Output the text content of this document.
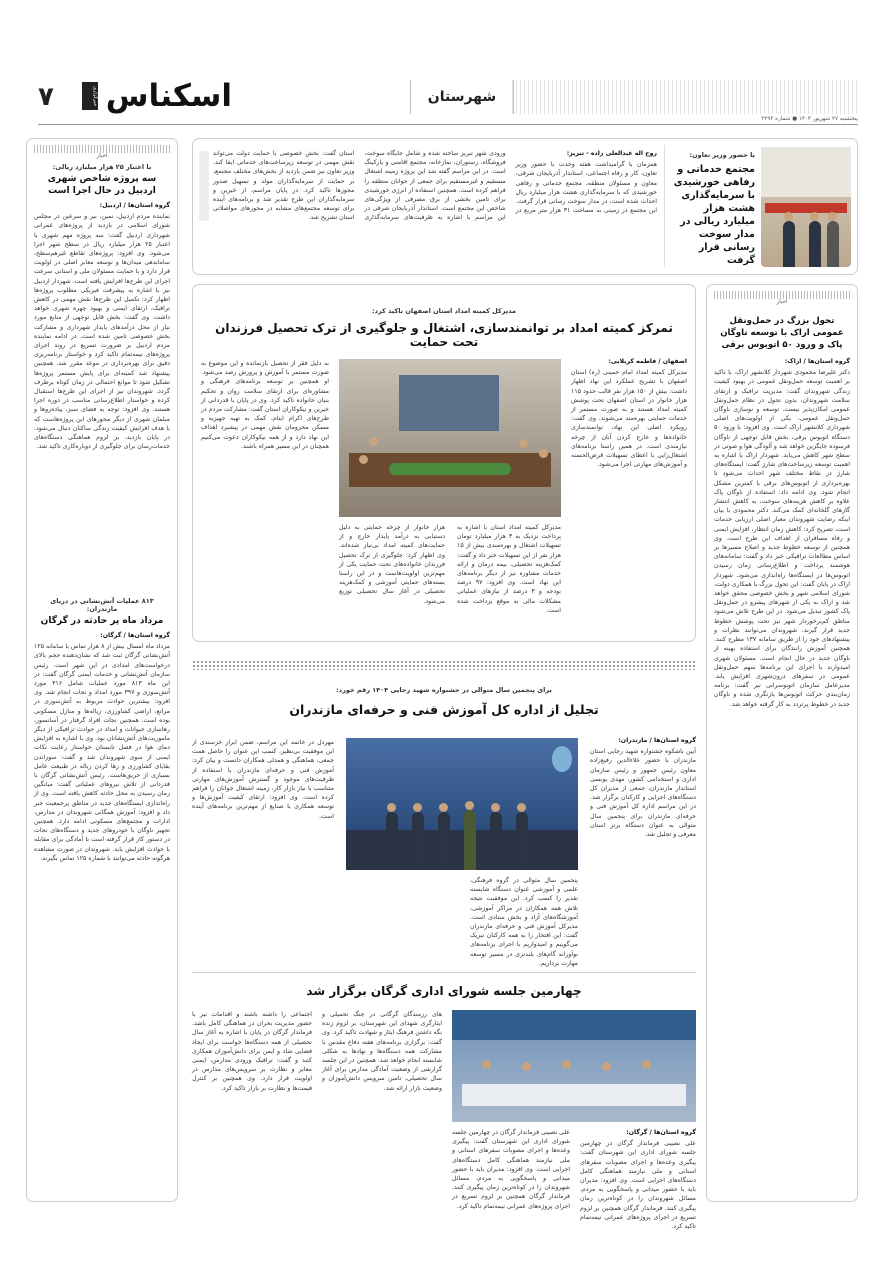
۷ اسکناس
خبرگزاری	شهرستان
پنجشنبه ۲۷ شهریور ۱۴۰۴ ● شماره ۲۲۹۳
اخبار
با اعتبار ۲۵ هزار میلیارد ریالی:
سه پروژه شاخص شهری اردبیل در حال اجرا است

گروه استان‌ها / اردبیل:

نماینده مردم اردبیل، نمین، نیر و سرعین در مجلس شورای اسلامی در بازدید از پروژه‌های عمرانی شهرداری اردبیل گفت: سه پروژه مهم شهری با اعتبار ۲۵ هزار میلیارد ریال در سطح شهر اجرا می‌شود. وی افزود: پروژه‌های تقاطع غیرهم‌سطح، ساماندهی میدان‌ها و توسعه معابر اصلی در اولویت قرار دارد و با حمایت مسئولان ملی و استانی سرعت اجرای این طرح‌ها افزایش یافته است. شهردار اردبیل نیز با اشاره به پیشرفت فیزیکی مطلوب پروژه‌ها اظهار کرد: تکمیل این طرح‌ها نقش مهمی در کاهش ترافیک، ارتقای ایمنی و بهبود چهره شهری خواهد داشت. وی گفت: بخش قابل توجهی از منابع مورد نیاز از محل درآمدهای پایدار شهرداری و مشارکت بخش خصوصی تامین شده است. در ادامه نماینده مردم اردبیل بر ضرورت تسریع در روند اجرای پروژه‌های نیمه‌تمام تاکید کرد و خواستار برنامه‌ریزی دقیق برای بهره‌برداری در موعد مقرر شد. همچنین پیشنهاد شد کمیته‌ای برای پایش مستمر پروژه‌ها تشکیل شود تا موانع احتمالی در زمان کوتاه برطرف گردد. شهروندان نیز از اجرای این طرح‌ها استقبال کرده و خواستار اطلاع‌رسانی مناسب در دوره اجرا هستند. وی افزود: توجه به فضای سبز، پیاده‌روها و مبلمان شهری از دیگر محورهای این پروژه‌هاست که با هدف افزایش کیفیت زندگی ساکنان دنبال می‌شود. در پایان بازدید، بر لزوم هماهنگی دستگاه‌های خدمات‌رسان برای جلوگیری از دوباره‌کاری تاکید شد.

۸۱۳ عملیات آتش‌نشانی در دریای مازندران:
مرداد ماه پر حادثه در گرگان

گروه استان‌ها / گرگان:

مرداد ماه امسال بیش از ۸ هزار تماس با سامانه ۱۲۵ آتش‌نشانی گرگان ثبت شد که نشان‌دهنده حجم بالای درخواست‌های امدادی در این شهر است. رئیس سازمان آتش‌نشانی و خدمات ایمنی گرگان گفت: در این ماه ۸۱۳ مورد عملیات شامل ۴۱۶ مورد آتش‌سوزی و ۳۹۷ مورد امداد و نجات انجام شد. وی افزود: بیشترین حوادث مربوط به آتش‌سوزی در مراتع، اراضی کشاورزی، زباله‌ها و منازل مسکونی بوده است. همچنین نجات افراد گرفتار در آسانسور، رهاسازی حیوانات و امداد در حوادث ترافیکی از دیگر ماموریت‌های آتش‌نشانان بود. وی با اشاره به افزایش دمای هوا در فصل تابستان خواستار رعایت نکات ایمنی از سوی شهروندان شد و گفت: سوزاندن بقایای کشاورزی و رها کردن زباله در طبیعت عامل بسیاری از حریق‌هاست. رئیس آتش‌نشانی گرگان با قدردانی از تلاش نیروهای عملیاتی گفت: میانگین زمان رسیدن به محل حادثه کاهش یافته است. وی از راه‌اندازی ایستگاه‌های جدید در مناطق پرجمعیت خبر داد و افزود: آموزش همگانی شهروندان در مدارس، ادارات و مجتمع‌های مسکونی ادامه دارد. همچنین تجهیز ناوگان با خودروهای جدید و دستگاه‌های نجات در دستور کار قرار گرفته است تا آمادگی برای مقابله با حوادث افزایش یابد. شهروندان در صورت مشاهده هرگونه حادثه می‌توانند با شماره ۱۲۵ تماس بگیرند.

با حضور وزیر تعاون:
مجتمع خدماتی و رفاهی خورشیدی با سرمایه‌گذاری هشت هزار میلیارد ریالی در مدار سوخت رسانی قرار گرفت

روح اله عبدالعلی زاده - تبریز:

همزمان با گرامیداشت هفته وحدت با حضور وزیر تعاون، کار و رفاه اجتماعی، استاندار آذربایجان شرقی، معاون و مسئولان منطقه، مجتمع خدماتی و رفاهی خورشیدی که با سرمایه‌گذاری هشت هزار میلیارد ریال احداث شده است، در مدار سوخت رسانی قرار گرفت. این مجتمع در زمینی به مساحت ۳۱ هزار متر مربع در ورودی شهر تبریز ساخته شده و شامل جایگاه سوخت، فروشگاه، رستوران، نمازخانه، مجتمع اقامتی و پارکینگ است. در این مراسم گفته شد این پروژه زمینه اشتغال مستقیم و غیرمستقیم برای جمعی از جوانان منطقه را فراهم کرده است. همچنین استفاده از انرژی خورشیدی برای تامین بخشی از برق مصرفی از ویژگی‌های شاخص این مجتمع است. استاندار آذربایجان شرقی در این مراسم با اشاره به ظرفیت‌های سرمایه‌گذاری استان گفت: بخش خصوصی با حمایت دولت می‌تواند نقش مهمی در توسعه زیرساخت‌های خدماتی ایفا کند. وزیر تعاون نیز ضمن بازدید از بخش‌های مختلف مجتمع، بر حمایت از سرمایه‌گذاران مولد و تسهیل صدور مجوزها تاکید کرد. در پایان مراسم، از خیرین و سرمایه‌گذاران این طرح تقدیر شد و برنامه‌های آینده برای توسعه مجتمع‌های مشابه در محورهای مواصلاتی استان تشریح شد.

اخبار
تحول بزرگ در حمل‌ونقل عمومی اراک با توسعه ناوگان پاک و ورود ۵۰ اتوبوس برقی

گروه استان‌ها / اراک:

دکتر علیرضا محمودی شهردار کلانشهر اراک، با تاکید بر اهمیت توسعه حمل‌ونقل عمومی در بهبود کیفیت زندگی شهروندان گفت: مدیریت ترافیک و ارتقای سلامت شهروندان، بدون تحول در نظام حمل‌ونقل عمومی امکان‌پذیر نیست. توسعه و نوسازی ناوگان حمل‌ونقل عمومی، یکی از اولویت‌های اصلی شهرداری کلانشهر اراک است. وی افزود: با ورود ۵۰ دستگاه اتوبوس برقی، بخش قابل توجهی از ناوگان فرسوده جایگزین خواهد شد و آلودگی هوا و صوتی در سطح شهر کاهش می‌یابد. شهردار اراک با اشاره به اهمیت توسعه زیرساخت‌های شارژ گفت: ایستگاه‌های شارژ در نقاط مختلف شهر احداث می‌شود تا بهره‌برداری از اتوبوس‌های برقی با کمترین مشکل انجام شود. وی ادامه داد: استفاده از ناوگان پاک علاوه بر کاهش هزینه‌های سوخت، به کاهش انتشار گازهای گلخانه‌ای کمک می‌کند. دکتر محمودی با بیان اینکه رضایت شهروندان معیار اصلی ارزیابی خدمات است، تصریح کرد: کاهش زمان انتظار، افزایش ایمنی و رفاه مسافران از اهداف این طرح است. وی همچنین از توسعه خطوط جدید و اصلاح مسیرها بر اساس مطالعات ترافیکی خبر داد و گفت: سامانه‌های هوشمند پرداخت و اطلاع‌رسانی زمان رسیدن اتوبوس‌ها در ایستگاه‌ها راه‌اندازی می‌شود. شهردار اراک در پایان گفت: این تحول بزرگ با همکاری دولت، شورای اسلامی شهر و بخش خصوصی محقق خواهد شد و اراک به یکی از شهرهای پیشرو در حمل‌ونقل پاک کشور تبدیل می‌شود. در این طرح تلاش می‌شود مناطق کم‌برخوردار شهر نیز تحت پوشش خطوط جدید قرار گیرند. شهروندان می‌توانند نظرات و پیشنهادهای خود را از طریق سامانه ۱۳۷ مطرح کنند. همچنین آموزش رانندگان برای استفاده بهینه از ناوگان جدید در حال انجام است. مسئولان شهری امیدوارند با اجرای این برنامه‌ها سهم حمل‌ونقل عمومی در سفرهای درون‌شهری افزایش یابد. مدیرعامل سازمان اتوبوسرانی نیز گفت: برنامه زمان‌بندی حرکت اتوبوس‌ها بازنگری شده و ناوگان جدید در خطوط پرتردد به کار گرفته خواهد شد.

مدیرکل کمیته امداد استان اصفهان تاکید کرد:
تمرکز کمیته امداد بر توانمندسازی، اشتغال و جلوگیری از ترک تحصیل فرزندان تحت حمایت

اصفهان / فاطمه کربلایی:

مدیرکل کمیته امداد امام خمینی (ره) استان اصفهان با تشریح عملکرد این نهاد اظهار داشت: بیش از ۱۵۰ هزار نفر قالب حدود ۱۱۵ هزار خانوار در استان اصفهان تحت پوشش کمیته امداد هستند و به صورت مستمر از خدمات حمایتی بهره‌مند می‌شوند. وی گفت: رویکرد اصلی این نهاد، توانمندسازی خانواده‌ها و خارج کردن آنان از چرخه نیازمندی است. در همین راستا برنامه‌های اشتغال‌زایی با اعطای تسهیلات قرض‌الحسنه و آموزش‌های مهارتی اجرا می‌شود.

مدیرکل کمیته امداد استان با اشاره به پرداخت نزدیک به ۳ هزار میلیارد تومان تسهیلات اشتغال و بهره‌مندی بیش از ۱۵ هزار نفر از این تسهیلات خبر داد و گفت: کمک‌هزینه تحصیلی، بیمه درمان و ارائه خدمات مشاوره نیز از دیگر برنامه‌های این نهاد است. وی افزود: ۹۷ درصد بودجه و ۳ درصد از نیازهای عملیاتی مشکلات مالی به موقع پرداخت شده است.

هزار خانوار از چرخه حمایتی به دلیل دستیابی به درآمد پایدار خارج و از حمایت‌های کمیته امداد بی‌نیاز شده‌اند. وی اظهار کرد: جلوگیری از ترک تحصیل فرزندان خانواده‌های تحت حمایت یکی از مهم‌ترین اولویت‌هاست و در این راستا بسته‌های حمایتی آموزشی و کمک‌هزینه تحصیلی در آغاز سال تحصیلی توزیع می‌شود.

به دلیل فقر از تحصیل بازنمانده و این موضوع به صورت مستمر با آموزش و پرورش رصد می‌شود. او همچنین بر توسعه برنامه‌های فرهنگی و مشاوره‌ای برای ارتقای سلامت روان و تحکیم بنیان خانواده تاکید کرد. وی در پایان با قدردانی از خیرین و نیکوکاران استان گفت: مشارکت مردم در طرح‌های اکرام ایتام، کمک به تهیه جهیزیه و مسکن محرومان نقش مهمی در پیشبرد اهداف این نهاد دارد و از همه نیکوکاران دعوت می‌کنیم همچنان در این مسیر همراه باشند.

برای پنجمین سال متوالی در جشنواره شهید رجایی ۱۴۰۴ رقم خورد:
تجلیل از اداره کل آموزش فنی و حرفه‌ای مازندران

گروه استان‌ها / مازندران:

آیین باشکوه جشنواره شهید رجایی استان مازندران با حضور علاءالدین رفیع‌زاده معاون رئیس جمهور و رئیس سازمان اداری و استخدامی کشور، مهدی یونسی استاندار مازندران، جمعی از مدیران کل دستگاه‌های اجرایی و کارکنان برگزار شد. در این مراسم اداره کل آموزش فنی و حرفه‌ای مازندران برای پنجمین سال متوالی به عنوان دستگاه برتر استان معرفی و تجلیل شد.

پنجمین سال متوالی در گروه فرهنگی، علمی و آموزشی عنوان دستگاه شایسته تقدیر را کسب کرد. این موفقیت نتیجه تلاش همه همکاران در مراکز آموزشی، آموزشگاه‌های آزاد و بخش ستادی است. مدیرکل آموزش فنی و حرفه‌ای مازندران گفت: این افتخار را به همه کارکنان تبریک می‌گوییم و امیدواریم با اجرای برنامه‌های نوآورانه گام‌های بلندتری در مسیر توسعه مهارت برداریم.

مهردل در خاتمه این مراسم، ضمن ابراز خرسندی از این موفقیت بی‌نظیر، کسب این عنوان را حاصل همت جمعی، هماهنگی و همدلی همکاران دانست و بیان کرد: آموزش فنی و حرفه‌ای مازندران با استفاده از ظرفیت‌های موجود و گسترش آموزش‌های مهارتی متناسب با نیاز بازار کار، زمینه اشتغال جوانان را فراهم کرده است. وی افزود: ارتقای کیفیت آموزش‌ها و توسعه همکاری با صنایع از مهم‌ترین برنامه‌های آینده است.

چهارمین جلسه شورای اداری گرگان برگزار شد

گروه استان‌ها / گرگان:

علی نصیبی فرماندار گرگان در چهارمین جلسه شورای اداری این شهرستان گفت: پیگیری وعده‌ها و اجرای مصوبات سفرهای استانی و ملی نیازمند هماهنگی کامل دستگاه‌های اجرایی است. وی افزود: مدیران باید با حضور میدانی و پاسخگویی به مردم، مسائل شهروندان را در کوتاه‌ترین زمان پیگیری کنند. فرماندار گرگان همچنین بر لزوم تسریع در اجرای پروژه‌های عمرانی نیمه‌تمام تاکید کرد.

علی نصیبی فرماندار گرگان در چهارمین جلسه شورای اداری این شهرستان گفت: پیگیری وعده‌ها و اجرای مصوبات سفرهای استانی و ملی نیازمند هماهنگی کامل دستگاه‌های اجرایی است. وی افزود: مدیران باید با حضور میدانی و پاسخگویی به مردم، مسائل شهروندان را در کوتاه‌ترین زمان پیگیری کنند. فرماندار گرگان همچنین بر لزوم تسریع در اجرای پروژه‌های عمرانی نیمه‌تمام تاکید کرد.

های رزمندگان گرگانی در جنگ تحمیلی و ایثارگری شهدای این شهرستان، بر لزوم زنده نگه داشتن فرهنگ ایثار و شهادت تاکید کرد. وی گفت: برگزاری برنامه‌های هفته دفاع مقدس با مشارکت همه دستگاه‌ها و نهادها به شکلی شایسته انجام خواهد شد. همچنین در این جلسه گزارشی از وضعیت آمادگی مدارس برای آغاز سال تحصیلی، تامین سرویس دانش‌آموزان و وضعیت بازار ارائه شد.

اجتماعی را داشته باشند و اقدامات نیز با حضور مدیریت بحران در هماهنگی کامل باشد. فرماندار گرگان در پایان با اشاره به آغاز سال تحصیلی از همه دستگاه‌ها خواست برای ایجاد فضایی شاد و ایمن برای دانش‌آموزان همکاری کنند و گفت: ترافیک ورودی مدارس، ایمنی معابر و نظارت بر سرویس‌های مدارس در اولویت قرار دارد. وی همچنین بر کنترل قیمت‌ها و نظارت بر بازار تاکید کرد.
